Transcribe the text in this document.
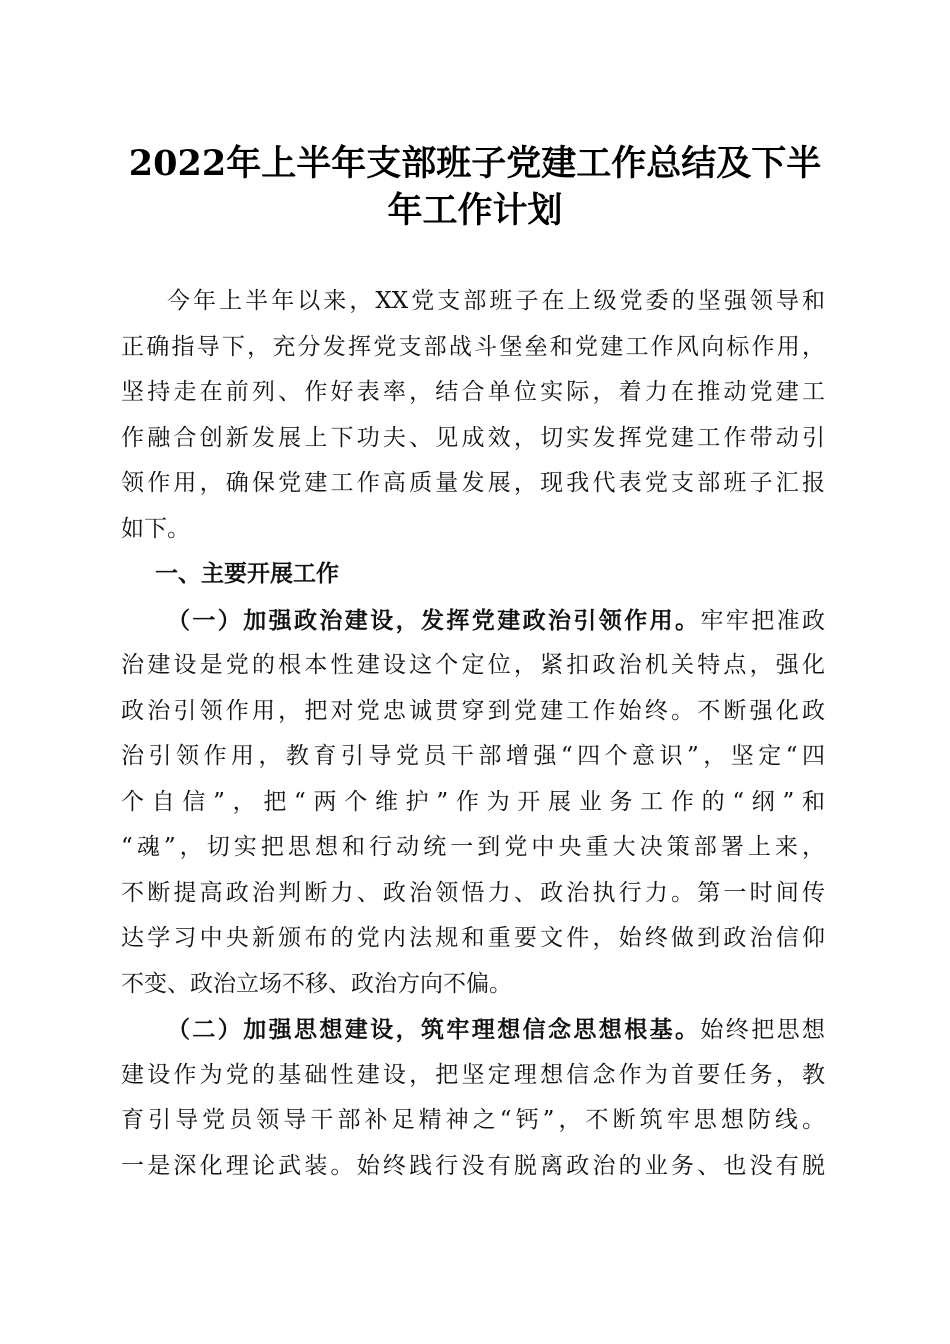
2022年上半年支部班子党建工作总结及下半
年工作计划
今年上半年以来，XX党支部班子在上级党委的坚强领导和
正确指导下，充分发挥党支部战斗堡垒和党建工作风向标作用，
坚持走在前列、作好表率，结合单位实际，着力在推动党建工
作融合创新发展上下功夫、见成效，切实发挥党建工作带动引
领作用，确保党建工作高质量发展，现我代表党支部班子汇报
如下。
一、主要开展工作
（一）加强政治建设，发挥党建政治引领作用。牢牢把准政
治建设是党的根本性建设这个定位，紧扣政治机关特点，强化
政治引领作用，把对党忠诚贯穿到党建工作始终。不断强化政
治引领作用，教育引导党员干部增强“四个意识”，坚定“四
个自信”，把“两个维护”作为开展业务工作的“纲”和
“魂”，切实把思想和行动统一到党中央重大决策部署上来，
不断提高政治判断力、政治领悟力、政治执行力。第一时间传
达学习中央新颁布的党内法规和重要文件，始终做到政治信仰
不变、政治立场不移、政治方向不偏。
（二）加强思想建设，筑牢理想信念思想根基。始终把思想
建设作为党的基础性建设，把坚定理想信念作为首要任务，教
育引导党员领导干部补足精神之“钙”，不断筑牢思想防线。
一是深化理论武装。始终践行没有脱离政治的业务、也没有脱
